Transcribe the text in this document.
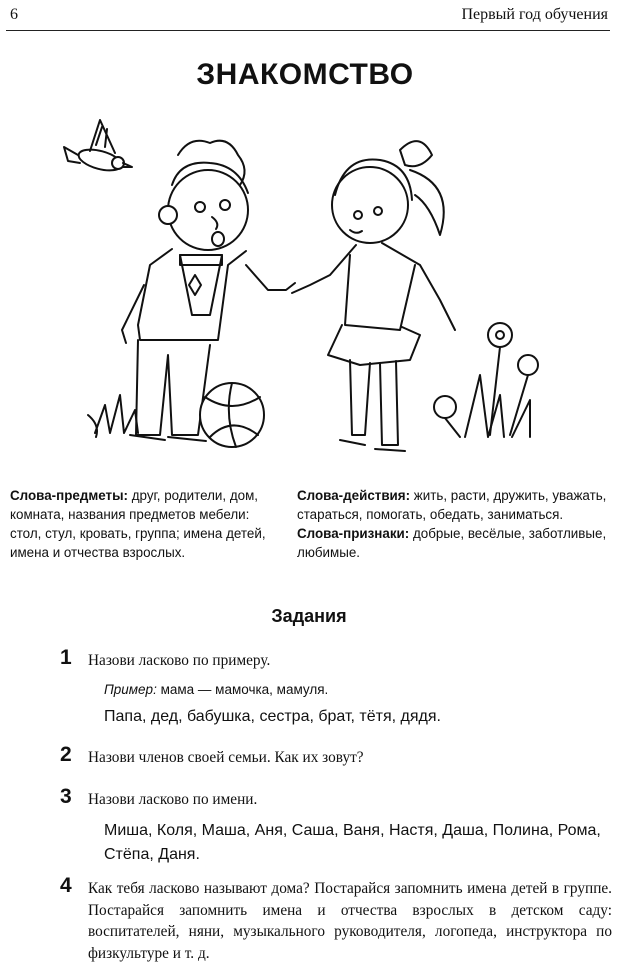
6	Первый год обучения
ЗНАКОМСТВО
Слова-предметы: друг, родители, дом, комната, названия предметов мебели: стол, стул, кровать, группа; имена детей, имена и отчества взрослых.
Слова-действия: жить, расти, дружить, уважать, стараться, помогать, обедать, заниматься.
Слова-признаки: добрые, весёлые, заботливые, любимые.
Задания
1 Назови ласково по примеру.
Пример: мама — мамочка, мамуля.
Папа, дед, бабушка, сестра, брат, тётя, дядя.
2 Назови членов своей семьи. Как их зовут?
3 Назови ласково по имени.
Миша, Коля, Маша, Аня, Саша, Ваня, Настя, Даша, Полина, Рома, Стёпа, Даня.
4 Как тебя ласково называют дома? Постарайся запомнить имена детей в группе. Постарайся запомнить имена и отчества взрослых в детском саду: воспитателей, няни, музыкального руководителя, логопеда, инструктора по физкультуре и т. д.
